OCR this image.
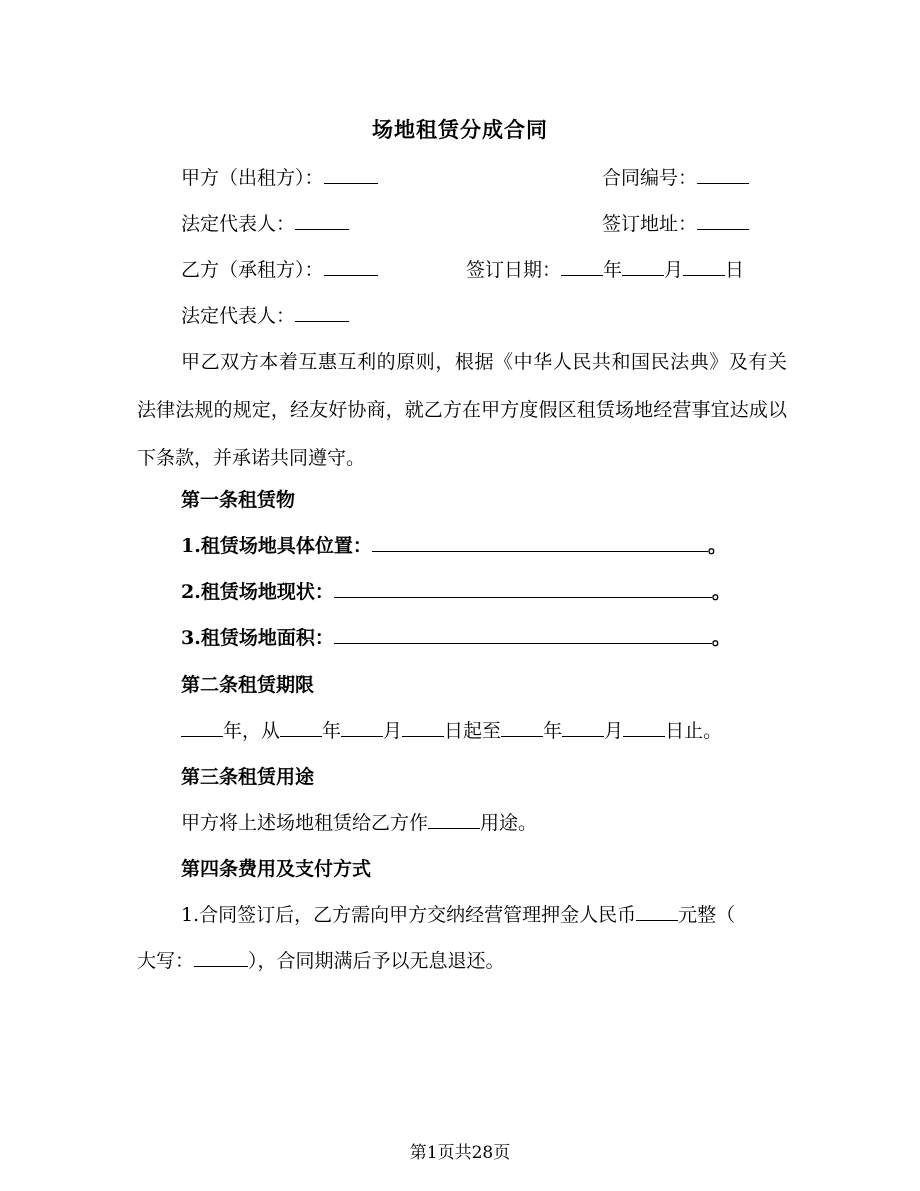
场地租赁分成合同
甲方（出租方）：	合同编号：
法定代表人：	签订地址：
乙方（承租方）：	签订日期： 年 月 日
法定代表人：
甲乙双方本着互惠互利的原则，根据《中华人民共和国民法典》及有关法律法规的规定，经友好协商，就乙方在甲方度假区租赁场地经营事宜达成以下条款，并承诺共同遵守。
第一条租赁物
1.租赁场地具体位置：	。
2.租赁场地现状：	。
3.租赁场地面积：	。
第二条租赁期限
年，从 年 月 日起至 年 月 日止。
第三条租赁用途
甲方将上述场地租赁给乙方作	用途。
第四条费用及支付方式
1.合同签订后，乙方需向甲方交纳经营管理押金人民币 元整（
大写：	），合同期满后予以无息退还。
第1页共28页
